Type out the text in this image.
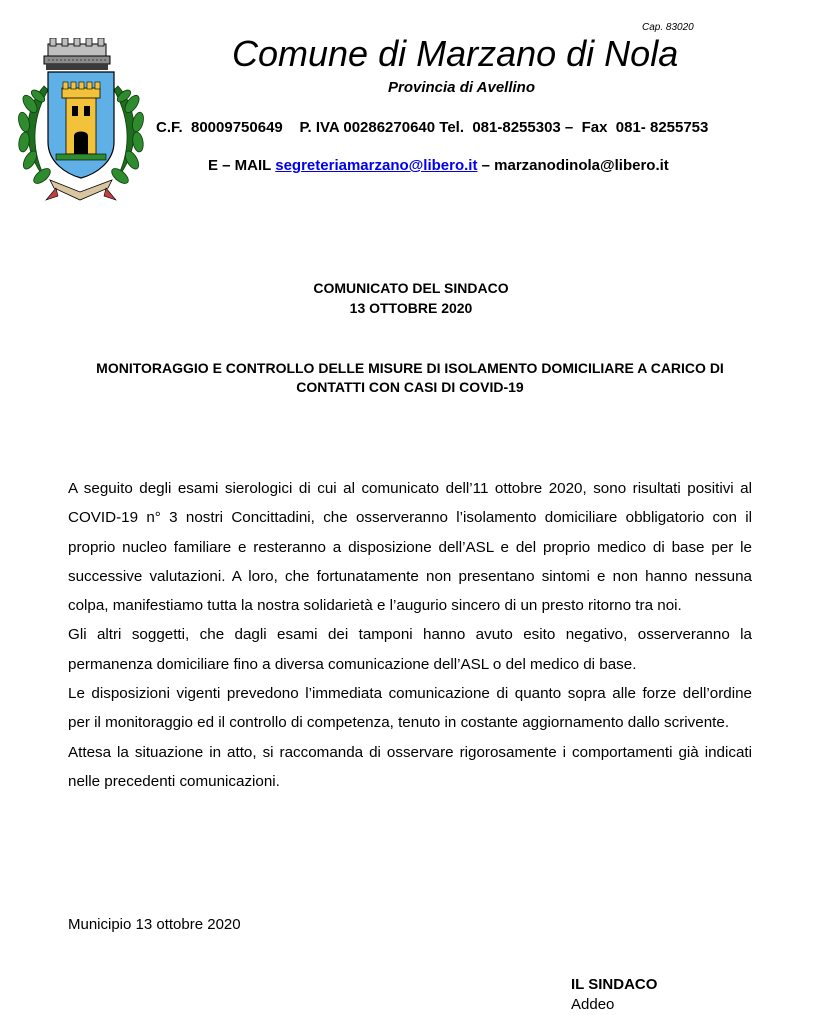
Cap. 83020
Comune di Marzano di Nola
Provincia di Avellino
C.F.  80009750649    P. IVA 00286270640 Tel.  081-8255303 –  Fax  081- 8255753
E – MAIL segreteriamarzano@libero.it – marzanodinola@libero.it
COMUNICATO DEL SINDACO
13 OTTOBRE 2020
MONITORAGGIO E CONTROLLO DELLE MISURE DI ISOLAMENTO DOMICILIARE A CARICO DI CONTATTI CON CASI DI COVID-19

A seguito degli esami sierologici di cui al comunicato dell’11 ottobre 2020, sono risultati positivi al COVID-19 n° 3 nostri Concittadini, che osserveranno l’isolamento domiciliare obbligatorio con il proprio nucleo familiare e resteranno a disposizione dell’ASL e del proprio medico di base per le successive valutazioni. A loro, che fortunatamente non presentano sintomi e non hanno nessuna colpa, manifestiamo tutta la nostra solidarietà e l’augurio sincero di un presto ritorno tra noi.

Gli altri soggetti, che dagli esami dei tamponi hanno avuto esito negativo, osserveranno la permanenza domiciliare fino a diversa comunicazione dell’ASL o del medico di base.

Le disposizioni vigenti prevedono l’immediata comunicazione di quanto sopra alle forze dell’ordine per il monitoraggio ed il controllo di competenza, tenuto in costante aggiornamento dallo scrivente.

Attesa la situazione in atto, si raccomanda di osservare rigorosamente i comportamenti già indicati nelle precedenti comunicazioni.

Municipio 13 ottobre 2020
IL SINDACO
Addeo
